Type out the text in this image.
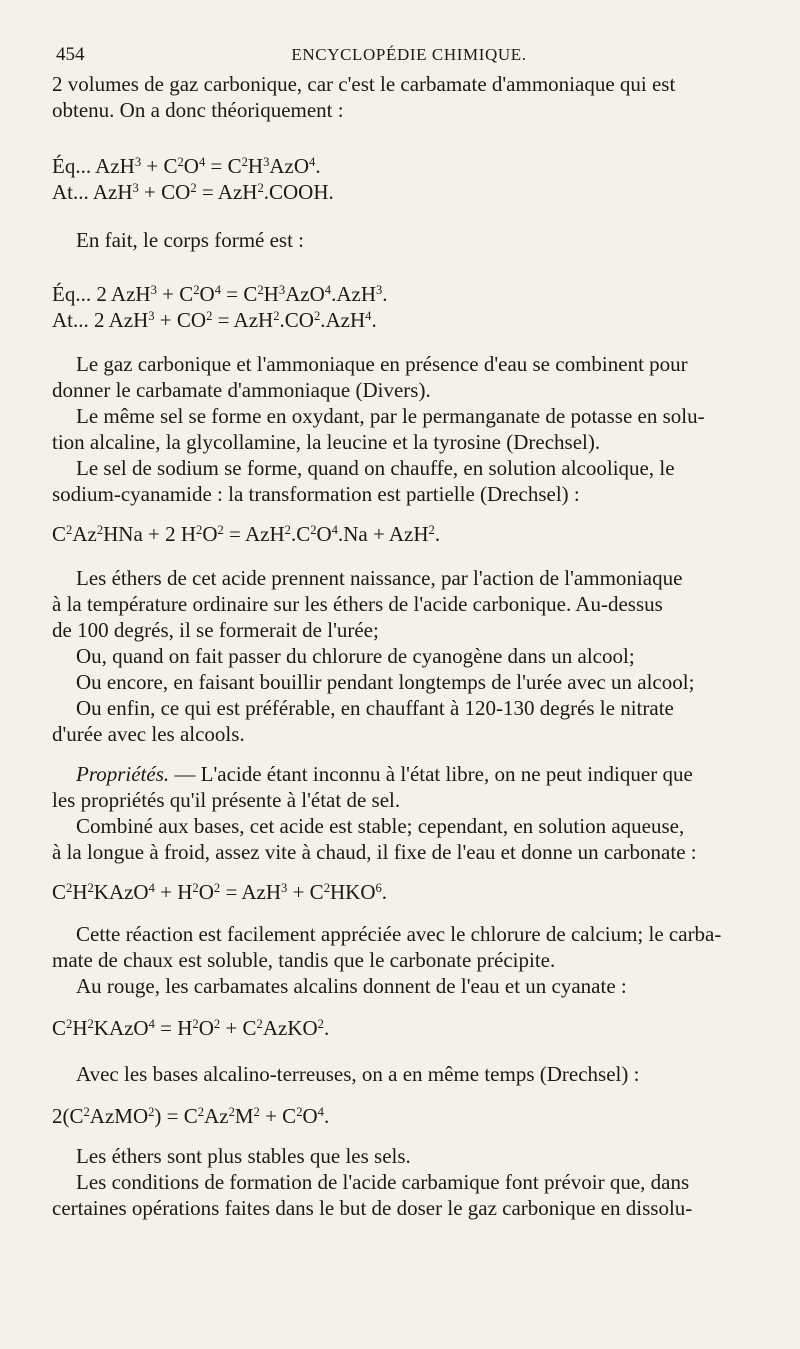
454	ENCYCLOPÉDIE CHIMIQUE.

2 volumes de gaz carbonique, car c'est le carbamate d'ammoniaque qui est

obtenu. On a donc théoriquement :

Éq... $AzH^3 + C^2O^4 = C^2H^3AzO^4$.

At... $AzH^3 + CO^2$ = AzH$^2$.COOH.

En fait, le corps formé est :

Éq... 2 $AzH^3 + C^2O^4 = C^2H^3AzO^4.AzH^3$.

At... 2 $AzH^3 + CO^2 = AzH^2.CO^2.AzH^4$.

Le gaz carbonique et l'ammoniaque en présence d'eau se combinent pour

donner le carbamate d'ammoniaque (Divers).

Le même sel se forme en oxydant, par le permanganate de potasse en solu-

tion alcaline, la glycollamine, la leucine et la tyrosine (Drechsel).

Le sel de sodium se forme, quand on chauffe, en solution alcoolique, le

sodium-cyanamide : la transformation est partielle (Drechsel) :

$C^2Az^2HNa + 2$ $H^2O^2 = AzH^2.C^2O^4.Na + AzH^2$.

Les éthers de cet acide prennent naissance, par l'action de l'ammoniaque

à la température ordinaire sur les éthers de l'acide carbonique. Au-dessus

de 100 degrés, il se formerait de l'urée;

Ou, quand on fait passer du chlorure de cyanogène dans un alcool;

Ou encore, en faisant bouillir pendant longtemps de l'urée avec un alcool;

Ou enfin, ce qui est préférable, en chauffant à 120-130 degrés le nitrate

d'urée avec les alcools.

Propriétés. — L'acide étant inconnu à l'état libre, on ne peut indiquer que

les propriétés qu'il présente à l'état de sel.

Combiné aux bases, cet acide est stable; cependant, en solution aqueuse,

à la longue à froid, assez vite à chaud, il fixe de l'eau et donne un carbonate :

$C^2H^2KAzO^4 + H^2O^2 = AzH^3 + C^2HKO^6$.

Cette réaction est facilement appréciée avec le chlorure de calcium; le carba-

mate de chaux est soluble, tandis que le carbonate précipite.

Au rouge, les carbamates alcalins donnent de l'eau et un cyanate :

$C^2H^2KAzO^4 = H^2O^2$ + $C^2AzKO^2$.

Avec les bases alcalino-terreuses, on a en même temps (Drechsel) :

$2(C^2AzMO^2) = C^2Az^2M^2 + C^2O^4$.

Les éthers sont plus stables que les sels.

Les conditions de formation de l'acide carbamique font prévoir que, dans

certaines opérations faites dans le but de doser le gaz carbonique en dissolu-
